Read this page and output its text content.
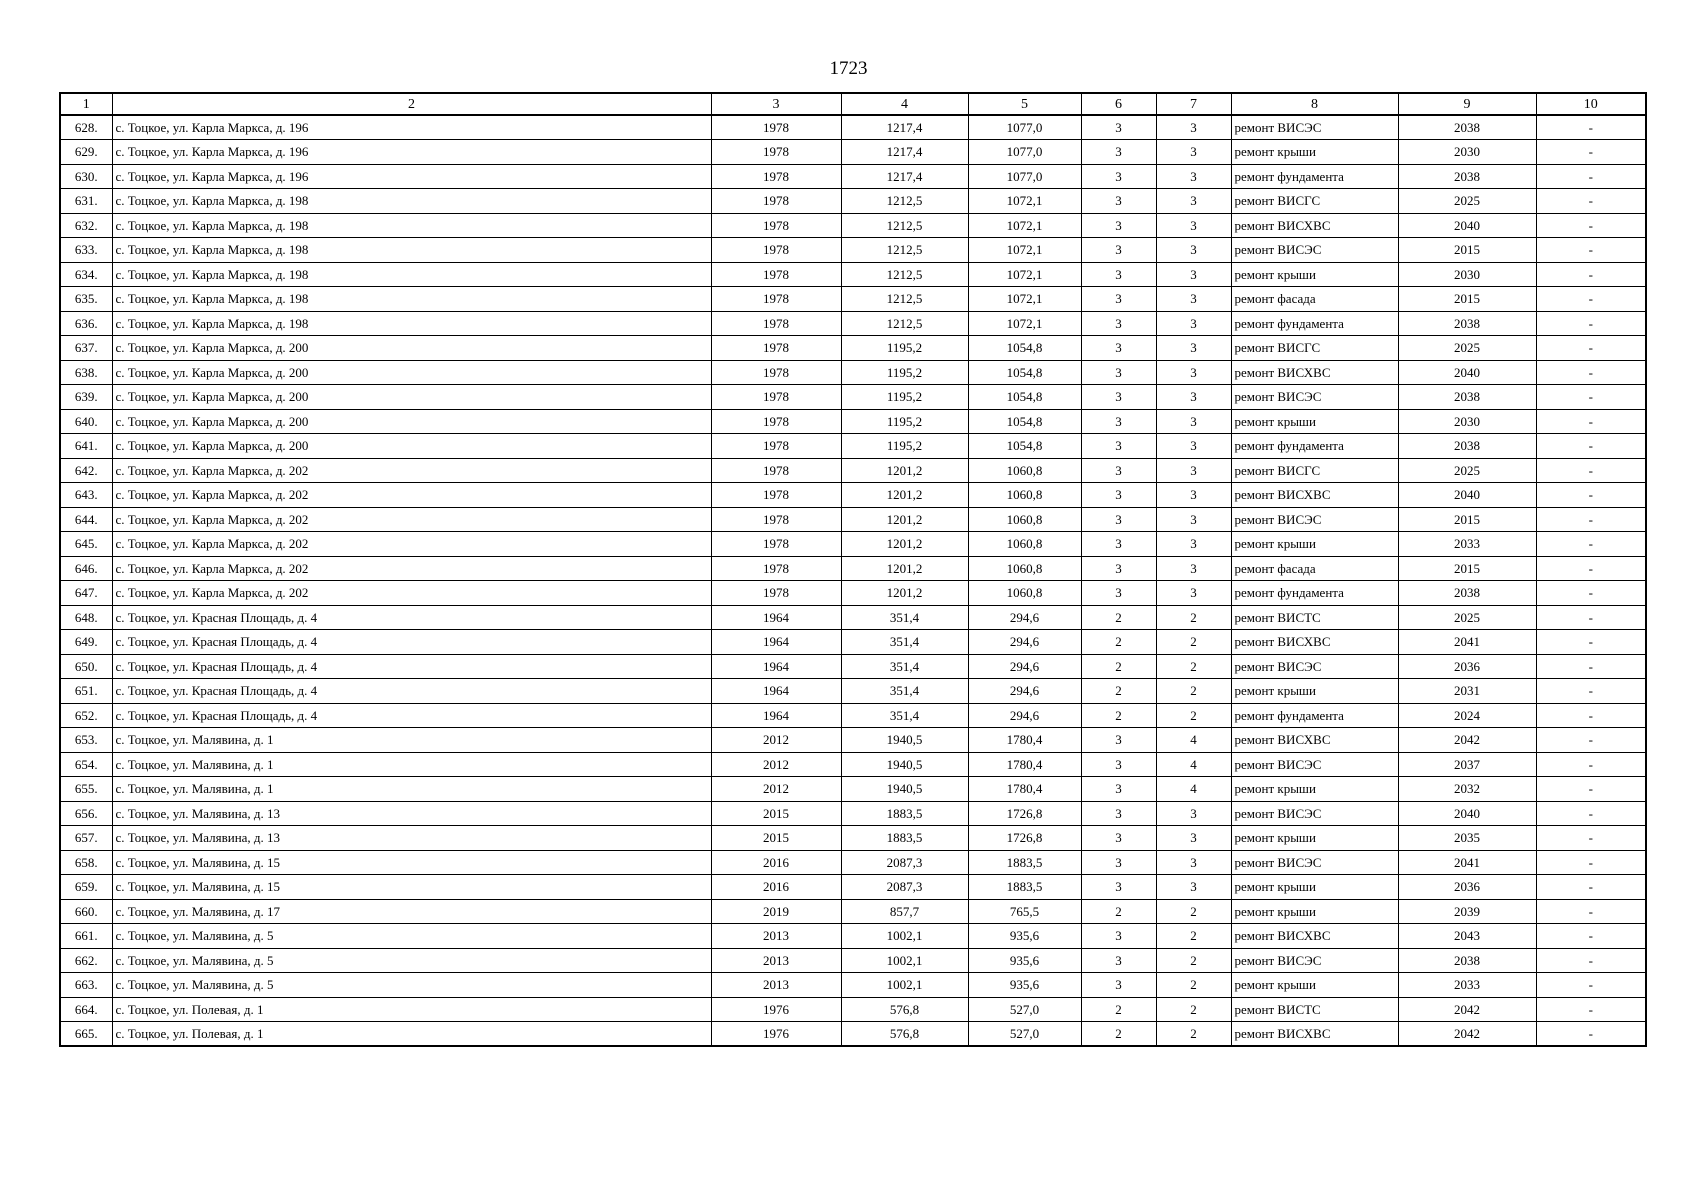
1723
1	2	3	4	5	6	7	8	9	10
628.	с. Тоцкое, ул. Карла Маркса, д. 196	1978	1217,4	1077,0	3	3	ремонт ВИСЭС	2038	-
629.	с. Тоцкое, ул. Карла Маркса, д. 196	1978	1217,4	1077,0	3	3	ремонт крыши	2030	-
630.	с. Тоцкое, ул. Карла Маркса, д. 196	1978	1217,4	1077,0	3	3	ремонт фундамента	2038	-
631.	с. Тоцкое, ул. Карла Маркса, д. 198	1978	1212,5	1072,1	3	3	ремонт ВИСГС	2025	-
632.	с. Тоцкое, ул. Карла Маркса, д. 198	1978	1212,5	1072,1	3	3	ремонт ВИСХВС	2040	-
633.	с. Тоцкое, ул. Карла Маркса, д. 198	1978	1212,5	1072,1	3	3	ремонт ВИСЭС	2015	-
634.	с. Тоцкое, ул. Карла Маркса, д. 198	1978	1212,5	1072,1	3	3	ремонт крыши	2030	-
635.	с. Тоцкое, ул. Карла Маркса, д. 198	1978	1212,5	1072,1	3	3	ремонт фасада	2015	-
636.	с. Тоцкое, ул. Карла Маркса, д. 198	1978	1212,5	1072,1	3	3	ремонт фундамента	2038	-
637.	с. Тоцкое, ул. Карла Маркса, д. 200	1978	1195,2	1054,8	3	3	ремонт ВИСГС	2025	-
638.	с. Тоцкое, ул. Карла Маркса, д. 200	1978	1195,2	1054,8	3	3	ремонт ВИСХВС	2040	-
639.	с. Тоцкое, ул. Карла Маркса, д. 200	1978	1195,2	1054,8	3	3	ремонт ВИСЭС	2038	-
640.	с. Тоцкое, ул. Карла Маркса, д. 200	1978	1195,2	1054,8	3	3	ремонт крыши	2030	-
641.	с. Тоцкое, ул. Карла Маркса, д. 200	1978	1195,2	1054,8	3	3	ремонт фундамента	2038	-
642.	с. Тоцкое, ул. Карла Маркса, д. 202	1978	1201,2	1060,8	3	3	ремонт ВИСГС	2025	-
643.	с. Тоцкое, ул. Карла Маркса, д. 202	1978	1201,2	1060,8	3	3	ремонт ВИСХВС	2040	-
644.	с. Тоцкое, ул. Карла Маркса, д. 202	1978	1201,2	1060,8	3	3	ремонт ВИСЭС	2015	-
645.	с. Тоцкое, ул. Карла Маркса, д. 202	1978	1201,2	1060,8	3	3	ремонт крыши	2033	-
646.	с. Тоцкое, ул. Карла Маркса, д. 202	1978	1201,2	1060,8	3	3	ремонт фасада	2015	-
647.	с. Тоцкое, ул. Карла Маркса, д. 202	1978	1201,2	1060,8	3	3	ремонт фундамента	2038	-
648.	с. Тоцкое, ул. Красная Площадь, д. 4	1964	351,4	294,6	2	2	ремонт ВИСТС	2025	-
649.	с. Тоцкое, ул. Красная Площадь, д. 4	1964	351,4	294,6	2	2	ремонт ВИСХВС	2041	-
650.	с. Тоцкое, ул. Красная Площадь, д. 4	1964	351,4	294,6	2	2	ремонт ВИСЭС	2036	-
651.	с. Тоцкое, ул. Красная Площадь, д. 4	1964	351,4	294,6	2	2	ремонт крыши	2031	-
652.	с. Тоцкое, ул. Красная Площадь, д. 4	1964	351,4	294,6	2	2	ремонт фундамента	2024	-
653.	с. Тоцкое, ул. Малявина, д. 1	2012	1940,5	1780,4	3	4	ремонт ВИСХВС	2042	-
654.	с. Тоцкое, ул. Малявина, д. 1	2012	1940,5	1780,4	3	4	ремонт ВИСЭС	2037	-
655.	с. Тоцкое, ул. Малявина, д. 1	2012	1940,5	1780,4	3	4	ремонт крыши	2032	-
656.	с. Тоцкое, ул. Малявина, д. 13	2015	1883,5	1726,8	3	3	ремонт ВИСЭС	2040	-
657.	с. Тоцкое, ул. Малявина, д. 13	2015	1883,5	1726,8	3	3	ремонт крыши	2035	-
658.	с. Тоцкое, ул. Малявина, д. 15	2016	2087,3	1883,5	3	3	ремонт ВИСЭС	2041	-
659.	с. Тоцкое, ул. Малявина, д. 15	2016	2087,3	1883,5	3	3	ремонт крыши	2036	-
660.	с. Тоцкое, ул. Малявина, д. 17	2019	857,7	765,5	2	2	ремонт крыши	2039	-
661.	с. Тоцкое, ул. Малявина, д. 5	2013	1002,1	935,6	3	2	ремонт ВИСХВС	2043	-
662.	с. Тоцкое, ул. Малявина, д. 5	2013	1002,1	935,6	3	2	ремонт ВИСЭС	2038	-
663.	с. Тоцкое, ул. Малявина, д. 5	2013	1002,1	935,6	3	2	ремонт крыши	2033	-
664.	с. Тоцкое, ул. Полевая, д. 1	1976	576,8	527,0	2	2	ремонт ВИСТС	2042	-
665.	с. Тоцкое, ул. Полевая, д. 1	1976	576,8	527,0	2	2	ремонт ВИСХВС	2042	-
